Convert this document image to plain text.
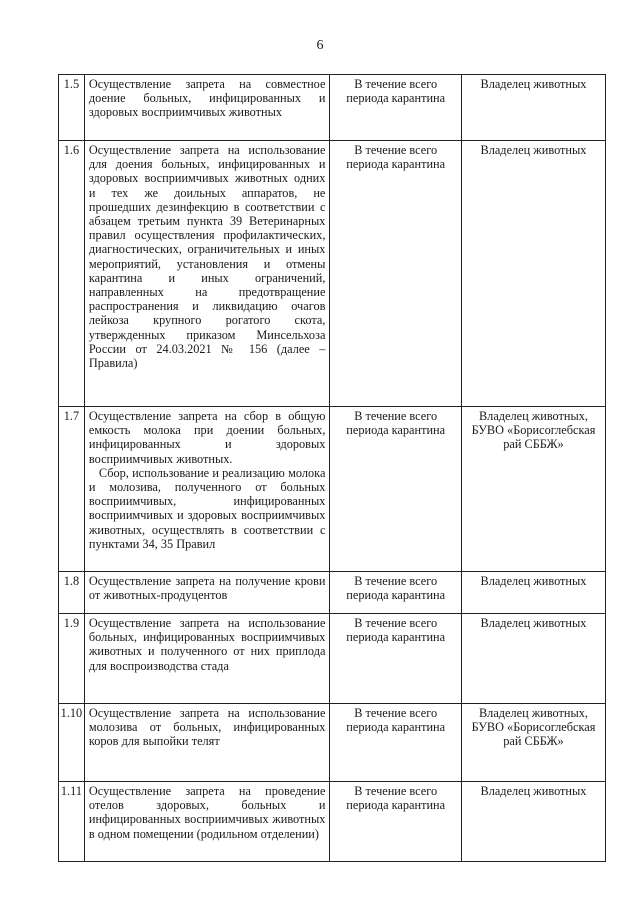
6
1.5	Осуществление запрета на совместное доение больных, инфицированных и здоровых восприимчивых животных	В течение всего периода карантина	Владелец животных
1.6	Осуществление запрета на использование для доения больных, инфицированных и здоровых восприимчивых животных одних и тех же доильных аппаратов, не прошедших дезинфекцию в соответствии с абзацем третьим пункта 39 Ветеринарных правил осуществления профилактических, диагностических, ограничительных и иных мероприятий, установления и отмены карантина и иных ограничений, направленных на предотвращение распространения и ликвидацию очагов лейкоза крупного рогатого скота, утвержденных приказом Минсельхоза России от 24.03.2021 № 156 (далее – Правила)	В течение всего периода карантина	Владелец животных
1.7	Осуществление запрета на сбор в общую емкость молока при доении больных, инфицированных и здоровых восприимчивых животных.
Сбор, использование и реализацию молока и молозива, полученного от больных восприимчивых, инфицированных восприимчивых и здоровых восприимчивых животных, осуществлять в соответствии с пунктами 34, 35 Правил	В течение всего периода карантина	Владелец животных, БУВО «Борисоглебская рай СББЖ»
1.8	Осуществление запрета на получение крови от животных-продуцентов	В течение всего периода карантина	Владелец животных
1.9	Осуществление запрета на использование больных, инфицированных восприимчивых животных и полученного от них приплода для воспроизводства стада	В течение всего периода карантина	Владелец животных
1.10	Осуществление запрета на использование молозива от больных, инфицированных коров для выпойки телят	В течение всего периода карантина	Владелец животных, БУВО «Борисоглебская рай СББЖ»
1.11	Осуществление запрета на проведение отелов здоровых, больных и инфицированных восприимчивых животных в одном помещении (родильном отделении)	В течение всего периода карантина	Владелец животных
